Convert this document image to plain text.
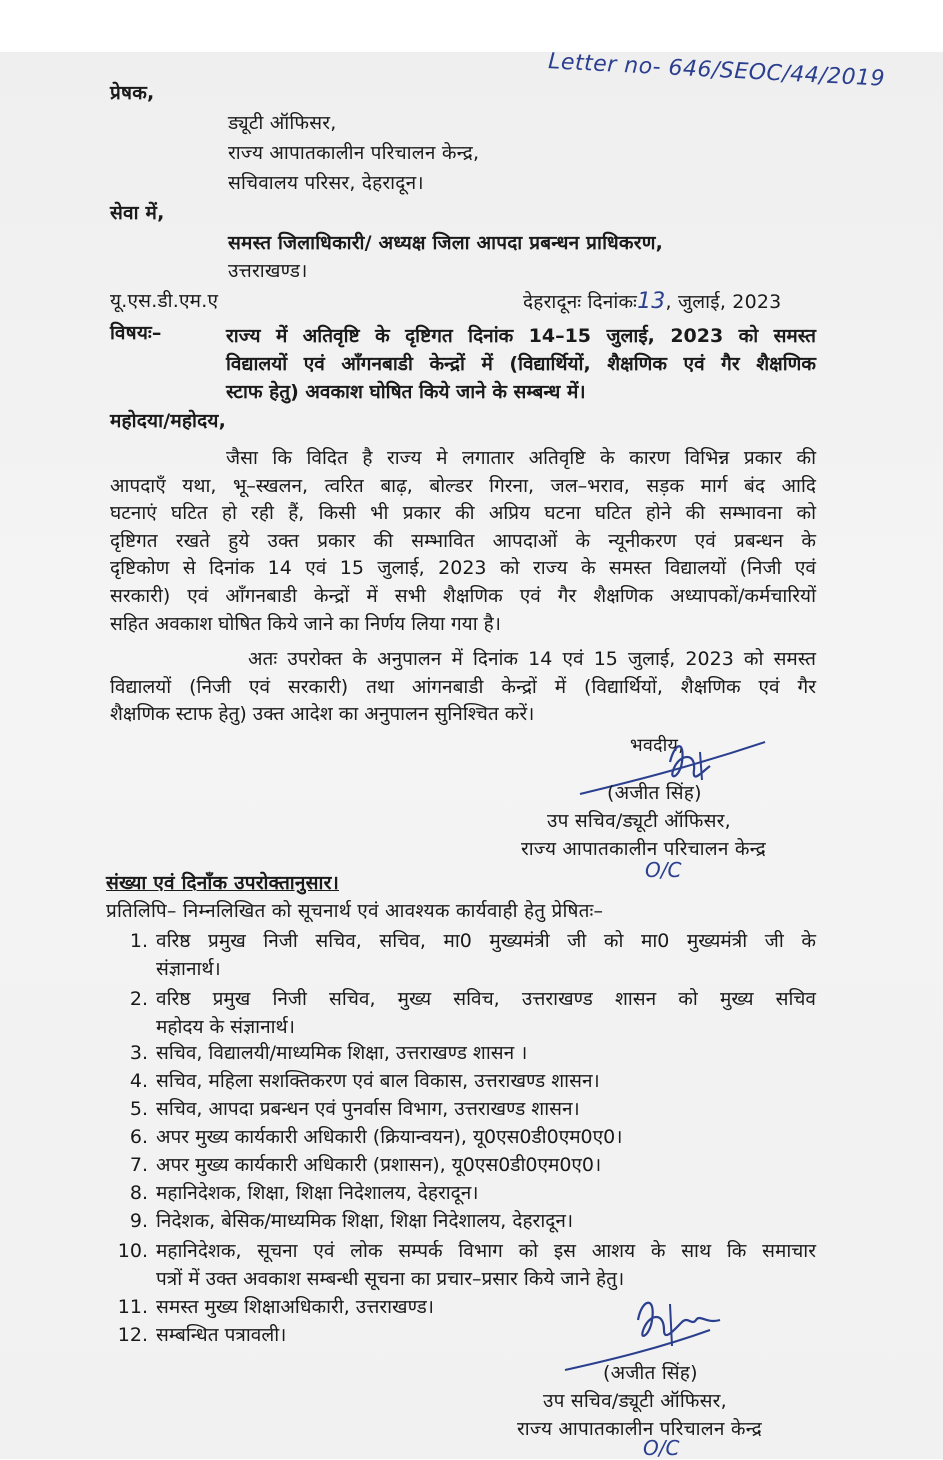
Letter no- 646/SEOC/44/2019
प्रेषक,
ड्यूटी ऑफिसर,
राज्य आपातकालीन परिचालन केन्द्र,
सचिवालय परिसर, देहरादून।
सेवा में,
समस्त जिलाधिकारी/ अध्यक्ष जिला आपदा प्रबन्धन प्राधिकरण,
उत्तराखण्ड।
यू.एस.डी.एम.ए	देहरादूनः दिनांकः13, जुलाई, 2023
विषयः–	राज्य में अतिवृष्टि के दृष्टिगत दिनांक 14–15 जुलाई, 2023 को समस्त
विद्यालयों एवं आँगनबाडी केन्द्रों में (विद्यार्थियों, शैक्षणिक एवं गैर शैक्षणिक
स्टाफ हेतु) अवकाश घोषित किये जाने के सम्बन्ध में।
महोदया/महोदय,
जैसा कि विदित है राज्य मे लगातार अतिवृष्टि के कारण विभिन्न प्रकार की
आपदाएँ यथा, भू–स्खलन, त्वरित बाढ़, बोल्डर गिरना, जल–भराव, सड़क मार्ग बंद आदि
घटनाएं घटित हो रही हैं, किसी भी प्रकार की अप्रिय घटना घटित होने की सम्भावना को
दृष्टिगत रखते हुये उक्त प्रकार की सम्भावित आपदाओं के न्यूनीकरण एवं प्रबन्धन के
दृष्टिकोण से दिनांक 14 एवं 15 जुलाई, 2023 को राज्य के समस्त विद्यालयों (निजी एवं
सरकारी) एवं आँगनबाडी केन्द्रों में सभी शैक्षणिक एवं गैर शैक्षणिक अध्यापकों/कर्मचारियों
सहित अवकाश घोषित किये जाने का निर्णय लिया गया है।
अतः उपरोक्त के अनुपालन में दिनांक 14 एवं 15 जुलाई, 2023 को समस्त
विद्यालयों (निजी एवं सरकारी) तथा आंगनबाडी केन्द्रों में (विद्यार्थियों, शैक्षणिक एवं गैर
शैक्षणिक स्टाफ हेतु) उक्त आदेश का अनुपालन सुनिश्चित करें।
भवदीय,
(अजीत सिंह)
उप सचिव/ड्यूटी ऑफिसर,
राज्य आपातकालीन परिचालन केन्द्र
O/C
संख्या एवं दिनाँक उपरोक्तानुसार।
प्रतिलिपि– निम्नलिखित को सूचनार्थ एवं आवश्यक कार्यवाही हेतु प्रेषितः–
1. वरिष्ठ प्रमुख निजी सचिव, सचिव, मा0 मुख्यमंत्री जी को मा0 मुख्यमंत्री जी के
संज्ञानार्थ।
2. वरिष्ठ प्रमुख निजी सचिव, मुख्य सविच, उत्तराखण्ड शासन को मुख्य सचिव
महोदय के संज्ञानार्थ।
3. सचिव, विद्यालयी/माध्यमिक शिक्षा, उत्तराखण्ड शासन ।
4. सचिव, महिला सशक्तिकरण एवं बाल विकास, उत्तराखण्ड शासन।
5. सचिव, आपदा प्रबन्धन एवं पुनर्वास विभाग, उत्तराखण्ड शासन।
6. अपर मुख्य कार्यकारी अधिकारी (क्रियान्वयन), यू0एस0डी0एम0ए0।
7. अपर मुख्य कार्यकारी अधिकारी (प्रशासन), यू0एस0डी0एम0ए0।
8. महानिदेशक, शिक्षा, शिक्षा निदेशालय, देहरादून।
9. निदेशक, बेसिक/माध्यमिक शिक्षा, शिक्षा निदेशालय, देहरादून।
10. महानिदेशक, सूचना एवं लोक सम्पर्क विभाग को इस आशय के साथ कि समाचार
पत्रों में उक्त अवकाश सम्बन्धी सूचना का प्रचार–प्रसार किये जाने हेतु।
11. समस्त मुख्य शिक्षाअधिकारी, उत्तराखण्ड।
12. सम्बन्धित पत्रावली।
(अजीत सिंह)
उप सचिव/ड्यूटी ऑफिसर,
राज्य आपातकालीन परिचालन केन्द्र
O/C
